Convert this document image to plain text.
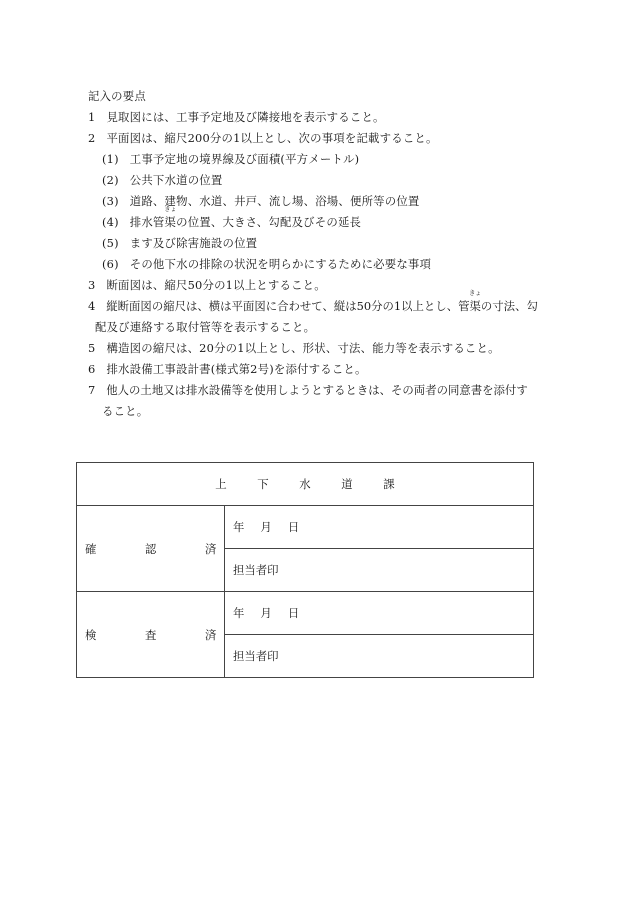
記入の要点
1 見取図には、工事予定地及び隣接地を表示すること。
2 平面図は、縮尺200分の1以上とし、次の事項を記載すること。
(1) 工事予定地の境界線及び面積(平方メートル)
(2) 公共下水道の位置
(3) 道路、建物、水道、井戸、流し場、浴場、便所等の位置
(4) 排水管
きょ
渠の位置、大きさ、勾配及びその延長
(5) ます及び除害施設の位置
(6) その他下水の排除の状況を明らかにするために必要な事項
3 断面図は、縮尺50分の1以上とすること。
4 縦断面図の縮尺は、横は平面図に合わせて、縦は50分の1以上とし、管
きょ
渠の寸法、勾
配及び連絡する取付管等を表示すること。
5 構造図の縮尺は、20分の1以上とし、形状、寸法、能力等を表示すること。
6 排水設備工事設計書(様式第2号)を添付すること。
7 他人の土地又は排水設備等を使用しようとするときは、その両者の同意書を添付す
ること。
上 下 水 道 課	
確 認 済	年 月 日
	担当者印
検 査 済	年 月 日
	担当者印
